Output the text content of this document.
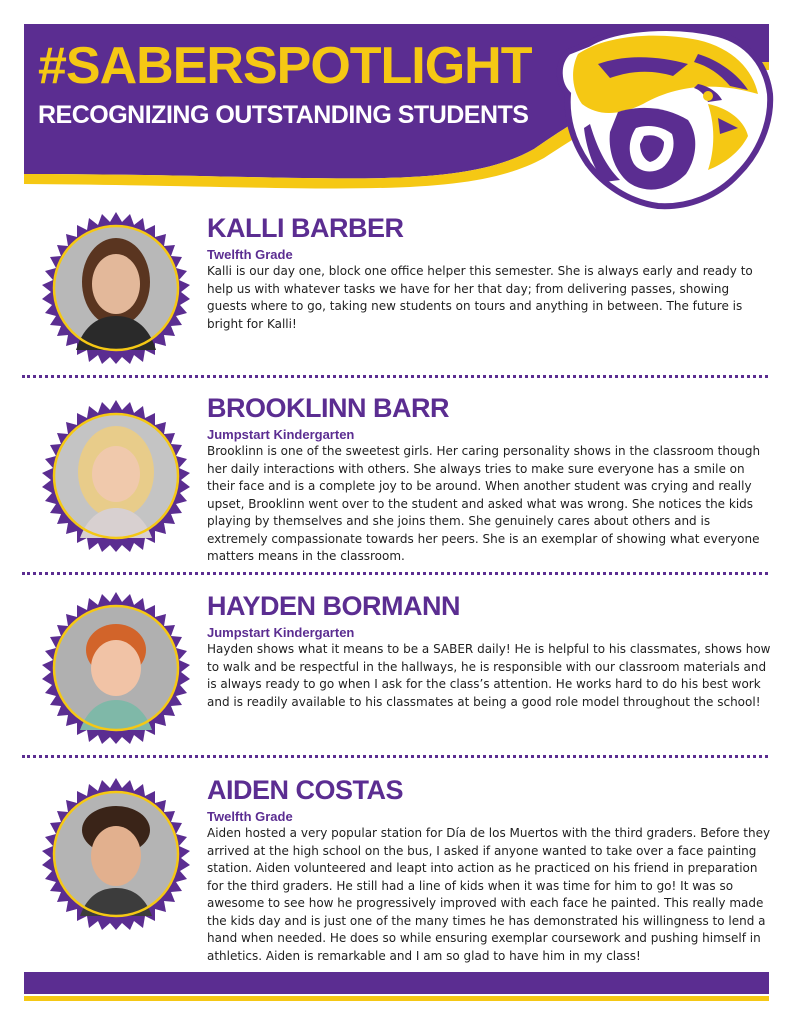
#SABERSPOTLIGHT
RECOGNIZING OUTSTANDING STUDENTS
KALLI BARBER
Twelfth Grade

Kalli is our day one, block one office helper this semester. She is always early and ready to help us with whatever tasks we have for her that day; from delivering passes, showing guests where to go, taking new students on tours and anything in between. The future is bright for Kalli!

BROOKLINN BARR
Jumpstart Kindergarten

Brooklinn is one of the sweetest girls. Her caring personality shows in the classroom though her daily interactions with others. She always tries to make sure everyone has a smile on their face and is a complete joy to be around. When another student was crying and really upset, Brooklinn went over to the student and asked what was wrong. She notices the kids playing by themselves and she joins them. She genuinely cares about others and is extremely compassionate towards her peers. She is an exemplar of showing what everyone matters means in the classroom.

HAYDEN BORMANN
Jumpstart Kindergarten

Hayden shows what it means to be a SABER daily! He is helpful to his classmates, shows how to walk and be respectful in the hallways, he is responsible with our classroom materials and is always ready to go when I ask for the class’s attention. He works hard to do his best work and is readily available to his classmates at being a good role model throughout the school!

AIDEN COSTAS
Twelfth Grade

Aiden hosted a very popular station for Día de los Muertos with the third graders. Before they arrived at the high school on the bus, I asked if anyone wanted to take over a face painting station. Aiden volunteered and leapt into action as he practiced on his friend in preparation for the third graders. He still had a line of kids when it was time for him to go! It was so awesome to see how he progressively improved with each face he painted. This really made the kids day and is just one of the many times he has demonstrated his willingness to lend a hand when needed. He does so while ensuring exemplar coursework and pushing himself in athletics. Aiden is remarkable and I am so glad to have him in my class!
